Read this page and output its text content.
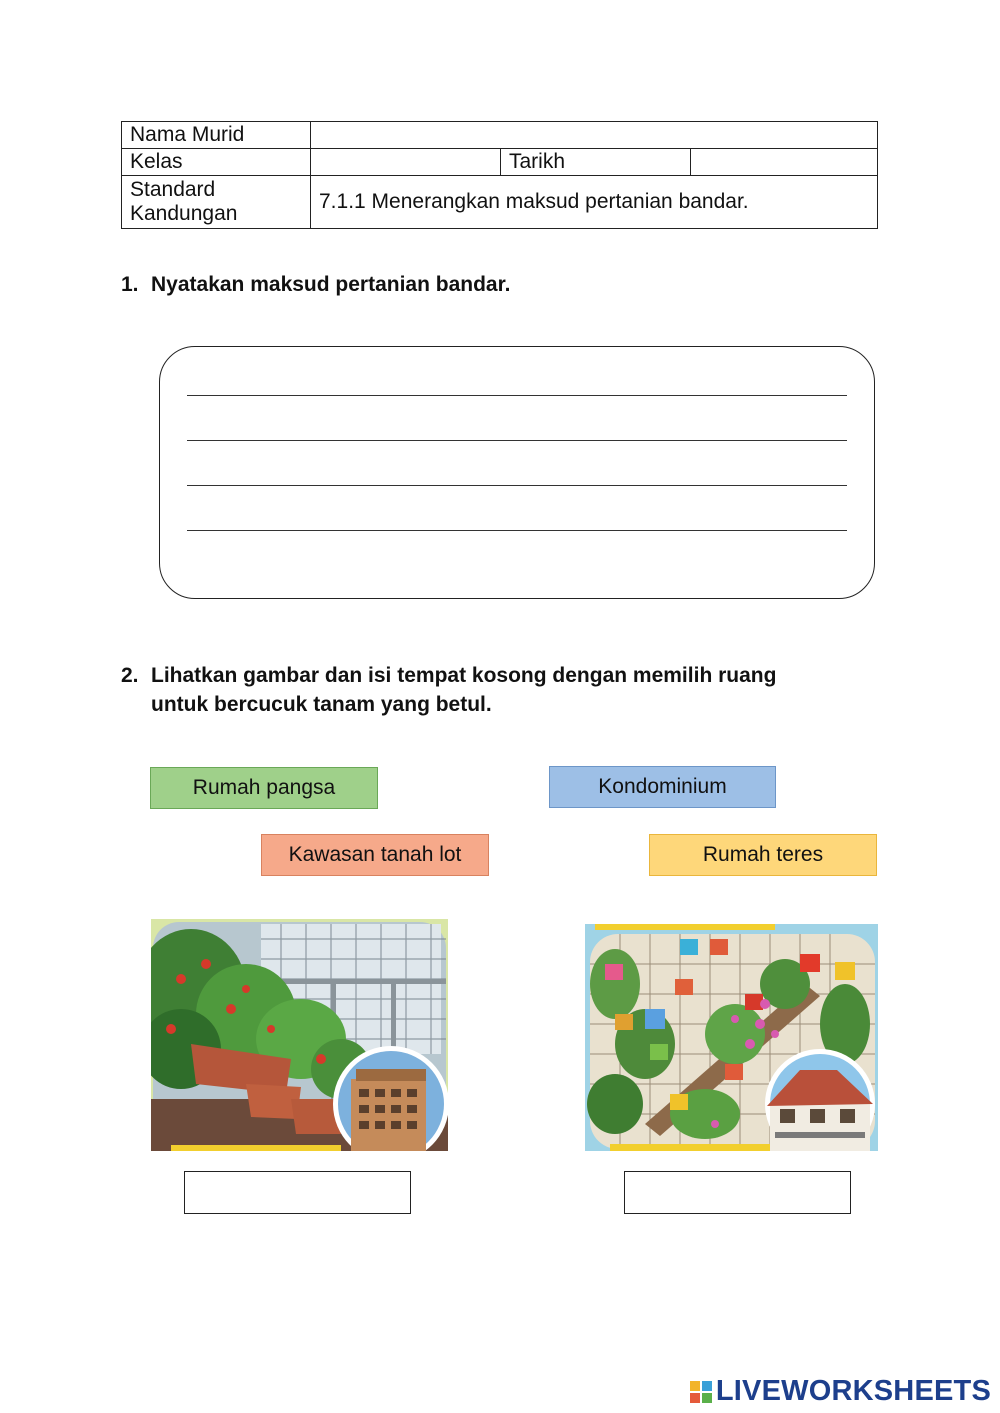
Nama Murid			
Kelas		Tarikh	

Standard
Kandungan	7.1.1 Menerangkan maksud pertanian bandar.		
1. Nyatakan maksud pertanian bandar.
2. Lihatkan gambar dan isi tempat kosong dengan memilih ruang
untuk bercucuk tanam yang betul.
Rumah pangsa	Kondominium
Kawasan tanah lot	Rumah teres
LIVEWORKSHEETS
